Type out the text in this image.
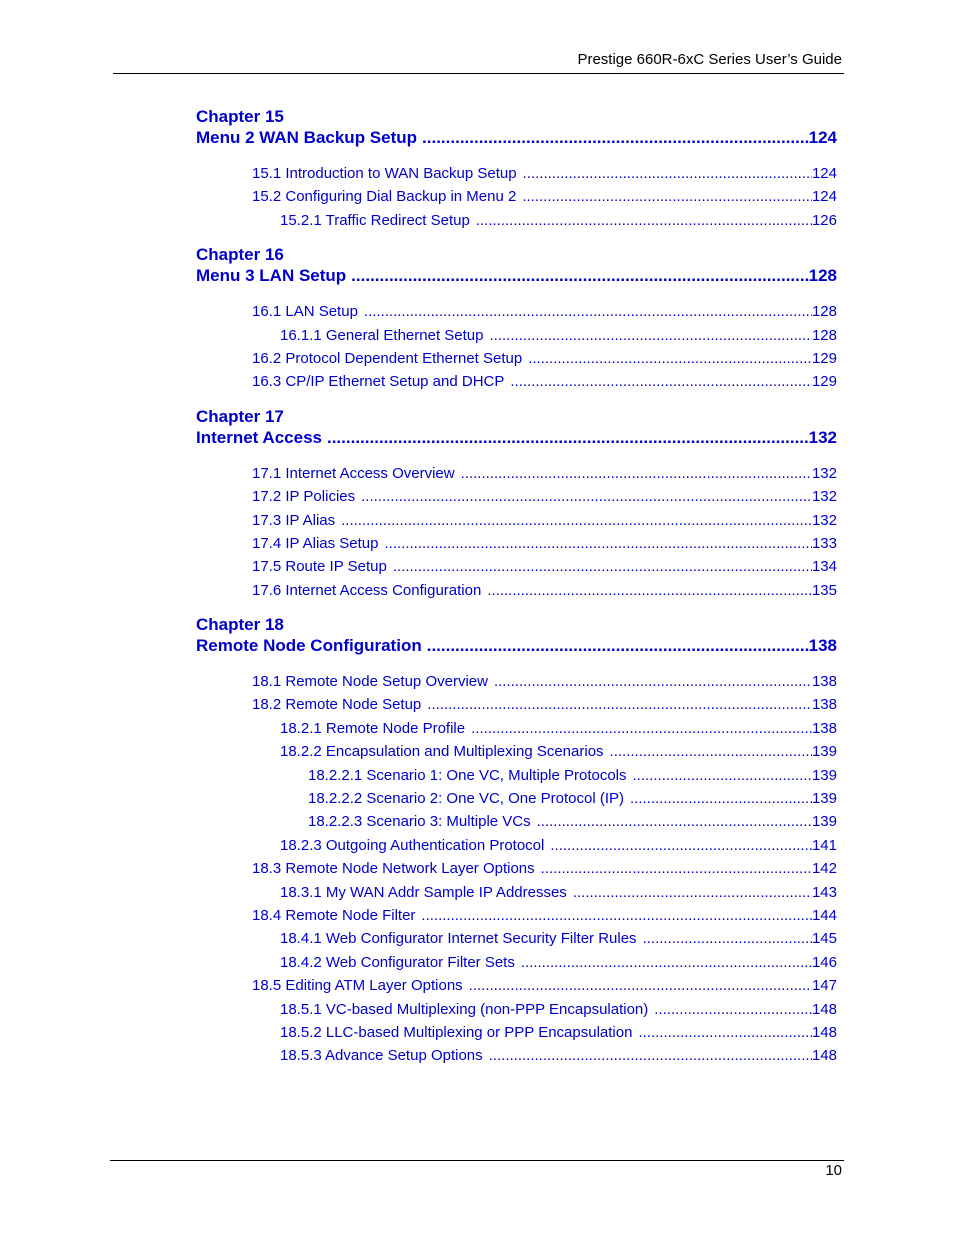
Prestige 660R-6xC Series User’s Guide
Chapter 15
Menu 2 WAN Backup Setup .....	124
15.1 Introduction to WAN Backup Setup .....	124
15.2 Configuring Dial Backup in Menu 2 .....	124
15.2.1 Traffic Redirect Setup .....	126
Chapter 16
Menu 3 LAN Setup .....	128
16.1 LAN Setup .....	128
16.1.1 General Ethernet Setup .....	128
16.2 Protocol Dependent Ethernet Setup .....	129
16.3 CP/IP Ethernet Setup and DHCP .....	129
Chapter 17
Internet Access .....	132
17.1 Internet Access Overview .....	132
17.2 IP Policies .....	132
17.3 IP Alias .....	132
17.4 IP Alias Setup .....	133
17.5 Route IP Setup .....	134
17.6 Internet Access Configuration .....	135
Chapter 18
Remote Node Configuration .....	138
18.1 Remote Node Setup Overview .....	138
18.2 Remote Node Setup .....	138
18.2.1 Remote Node Profile .....	138
18.2.2 Encapsulation and Multiplexing Scenarios .....	139
18.2.2.1 Scenario 1: One VC, Multiple Protocols .....	139
18.2.2.2 Scenario 2: One VC, One Protocol (IP) .....	139
18.2.2.3 Scenario 3: Multiple VCs .....	139
18.2.3 Outgoing Authentication Protocol .....	141
18.3 Remote Node Network Layer Options .....	142
18.3.1 My WAN Addr Sample IP Addresses .....	143
18.4 Remote Node Filter .....	144
18.4.1 Web Configurator Internet Security Filter Rules .....	145
18.4.2 Web Configurator Filter Sets .....	146
18.5 Editing ATM Layer Options .....	147
18.5.1 VC-based Multiplexing (non-PPP Encapsulation) .....	148
18.5.2 LLC-based Multiplexing or PPP Encapsulation .....	148
18.5.3 Advance Setup Options .....	148
10
